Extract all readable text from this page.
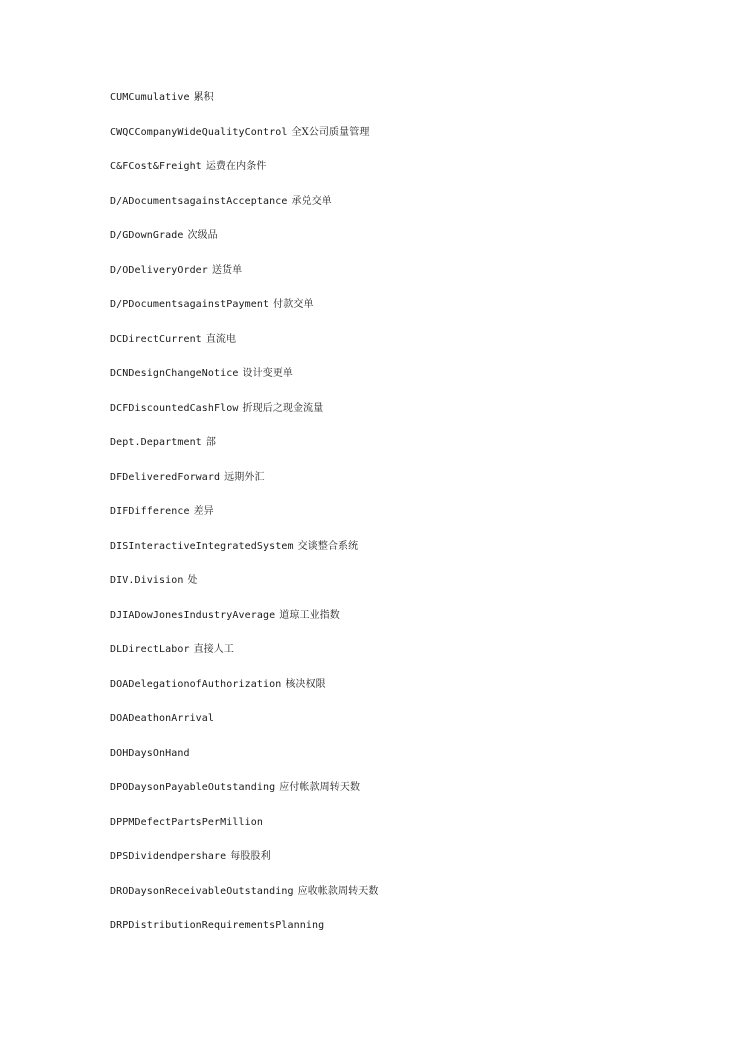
CUMCumulative 累积
CWQCCompanyWideQualityControl 全X公司质量管理
C&FCost&Freight 运费在内条件
D/ADocumentsagainstAcceptance 承兑交单
D/GDownGrade 次级品
D/ODeliveryOrder 送货单
D/PDocumentsagainstPayment 付款交单
DCDirectCurrent 直流电
DCNDesignChangeNotice 设计变更单
DCFDiscountedCashFlow 折现后之现金流量
Dept.Department 部
DFDeliveredForward 远期外汇
DIFDifference 差异
DISInteractiveIntegratedSystem 交谈整合系统
DIV.Division 处
DJIADowJonesIndustryAverage 道琼工业指数
DLDirectLabor 直接人工
DOADelegationofAuthorization 核决权限
DOADeathonArrival
DOHDaysOnHand
DPODaysonPayableOutstanding 应付帐款周转天数
DPPMDefectPartsPerMillion
DPSDividendpershare 每股股利
DRODaysonReceivableOutstanding 应收帐款周转天数
DRPDistributionRequirementsPlanning
